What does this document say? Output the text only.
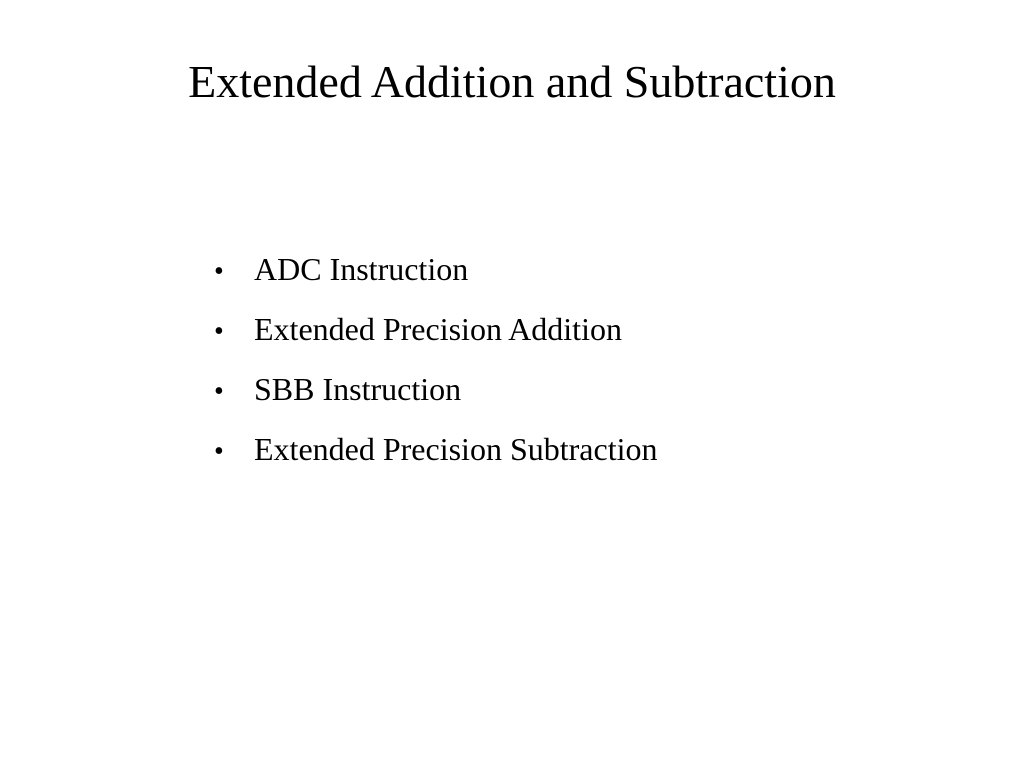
Extended Addition and Subtraction
• ADC Instruction
• Extended Precision Addition
• SBB Instruction
• Extended Precision Subtraction
